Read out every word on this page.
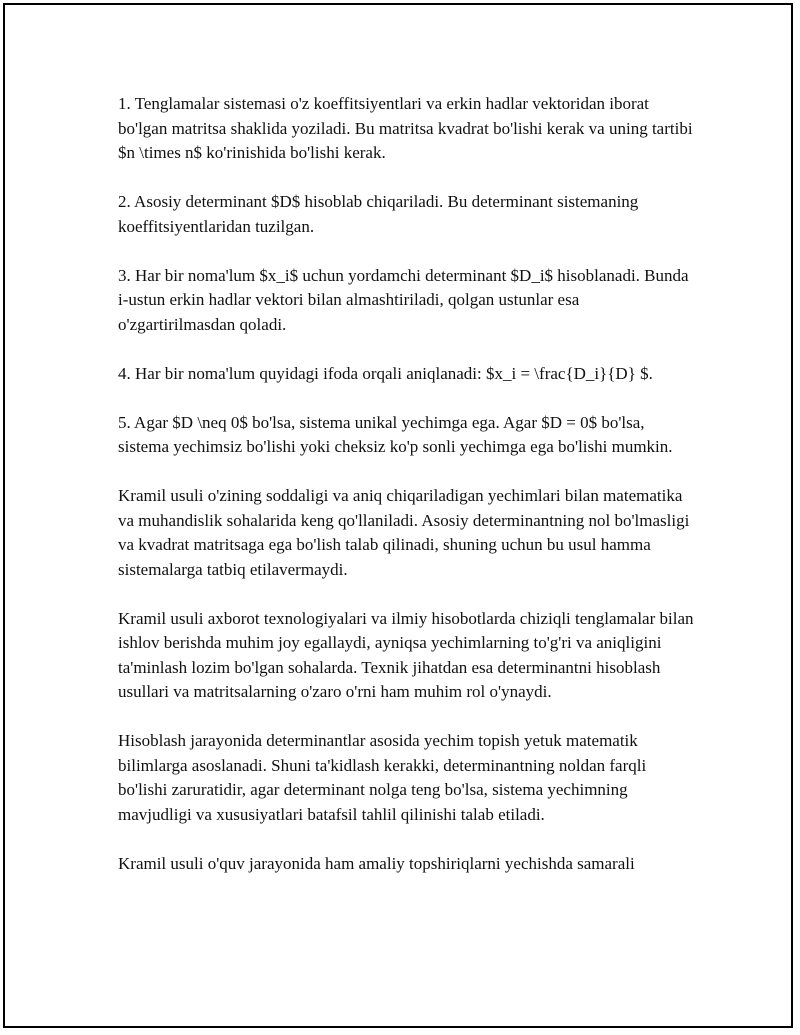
1. Tenglamalar sistemasi o'z koeffitsiyentlari va erkin hadlar vektoridan iborat bo'lgan matritsa shaklida yoziladi. Bu matritsa kvadrat bo'lishi kerak va uning tartibi $n \times n$ ko'rinishida bo'lishi kerak.

2. Asosiy determinant $D$ hisoblab chiqariladi. Bu determinant sistemaning koeffitsiyentlaridan tuzilgan.

3. Har bir noma'lum $x_i$ uchun yordamchi determinant $D_i$ hisoblanadi. Bunda i-ustun erkin hadlar vektori bilan almashtiriladi, qolgan ustunlar esa o'zgartirilmasdan qoladi.

4. Har bir noma'lum quyidagi ifoda orqali aniqlanadi: $x_i = \frac{D_i}{D} $.

5. Agar $D \neq 0$ bo'lsa, sistema unikal yechimga ega. Agar $D = 0$ bo'lsa, sistema yechimsiz bo'lishi yoki cheksiz ko'p sonli yechimga ega bo'lishi mumkin.

Kramil usuli o'zining soddaligi va aniq chiqariladigan yechimlari bilan matematika va muhandislik sohalarida keng qo'llaniladi. Asosiy determinantning nol bo'lmasligi va kvadrat matritsaga ega bo'lish talab qilinadi, shuning uchun bu usul hamma sistemalarga tatbiq etilavermaydi.

Kramil usuli axborot texnologiyalari va ilmiy hisobotlarda chiziqli tenglamalar bilan ishlov berishda muhim joy egallaydi, ayniqsa yechimlarning to'g'ri va aniqligini ta'minlash lozim bo'lgan sohalarda. Texnik jihatdan esa determinantni hisoblash usullari va matritsalarning o'zaro o'rni ham muhim rol o'ynaydi.

Hisoblash jarayonida determinantlar asosida yechim topish yetuk matematik bilimlarga asoslanadi. Shuni ta'kidlash kerakki, determinantning noldan farqli bo'lishi zaruratidir, agar determinant nolga teng bo'lsa, sistema yechimning mavjudligi va xususiyatlari batafsil tahlil qilinishi talab etiladi.

Kramil usuli o'quv jarayonida ham amaliy topshiriqlarni yechishda samarali
